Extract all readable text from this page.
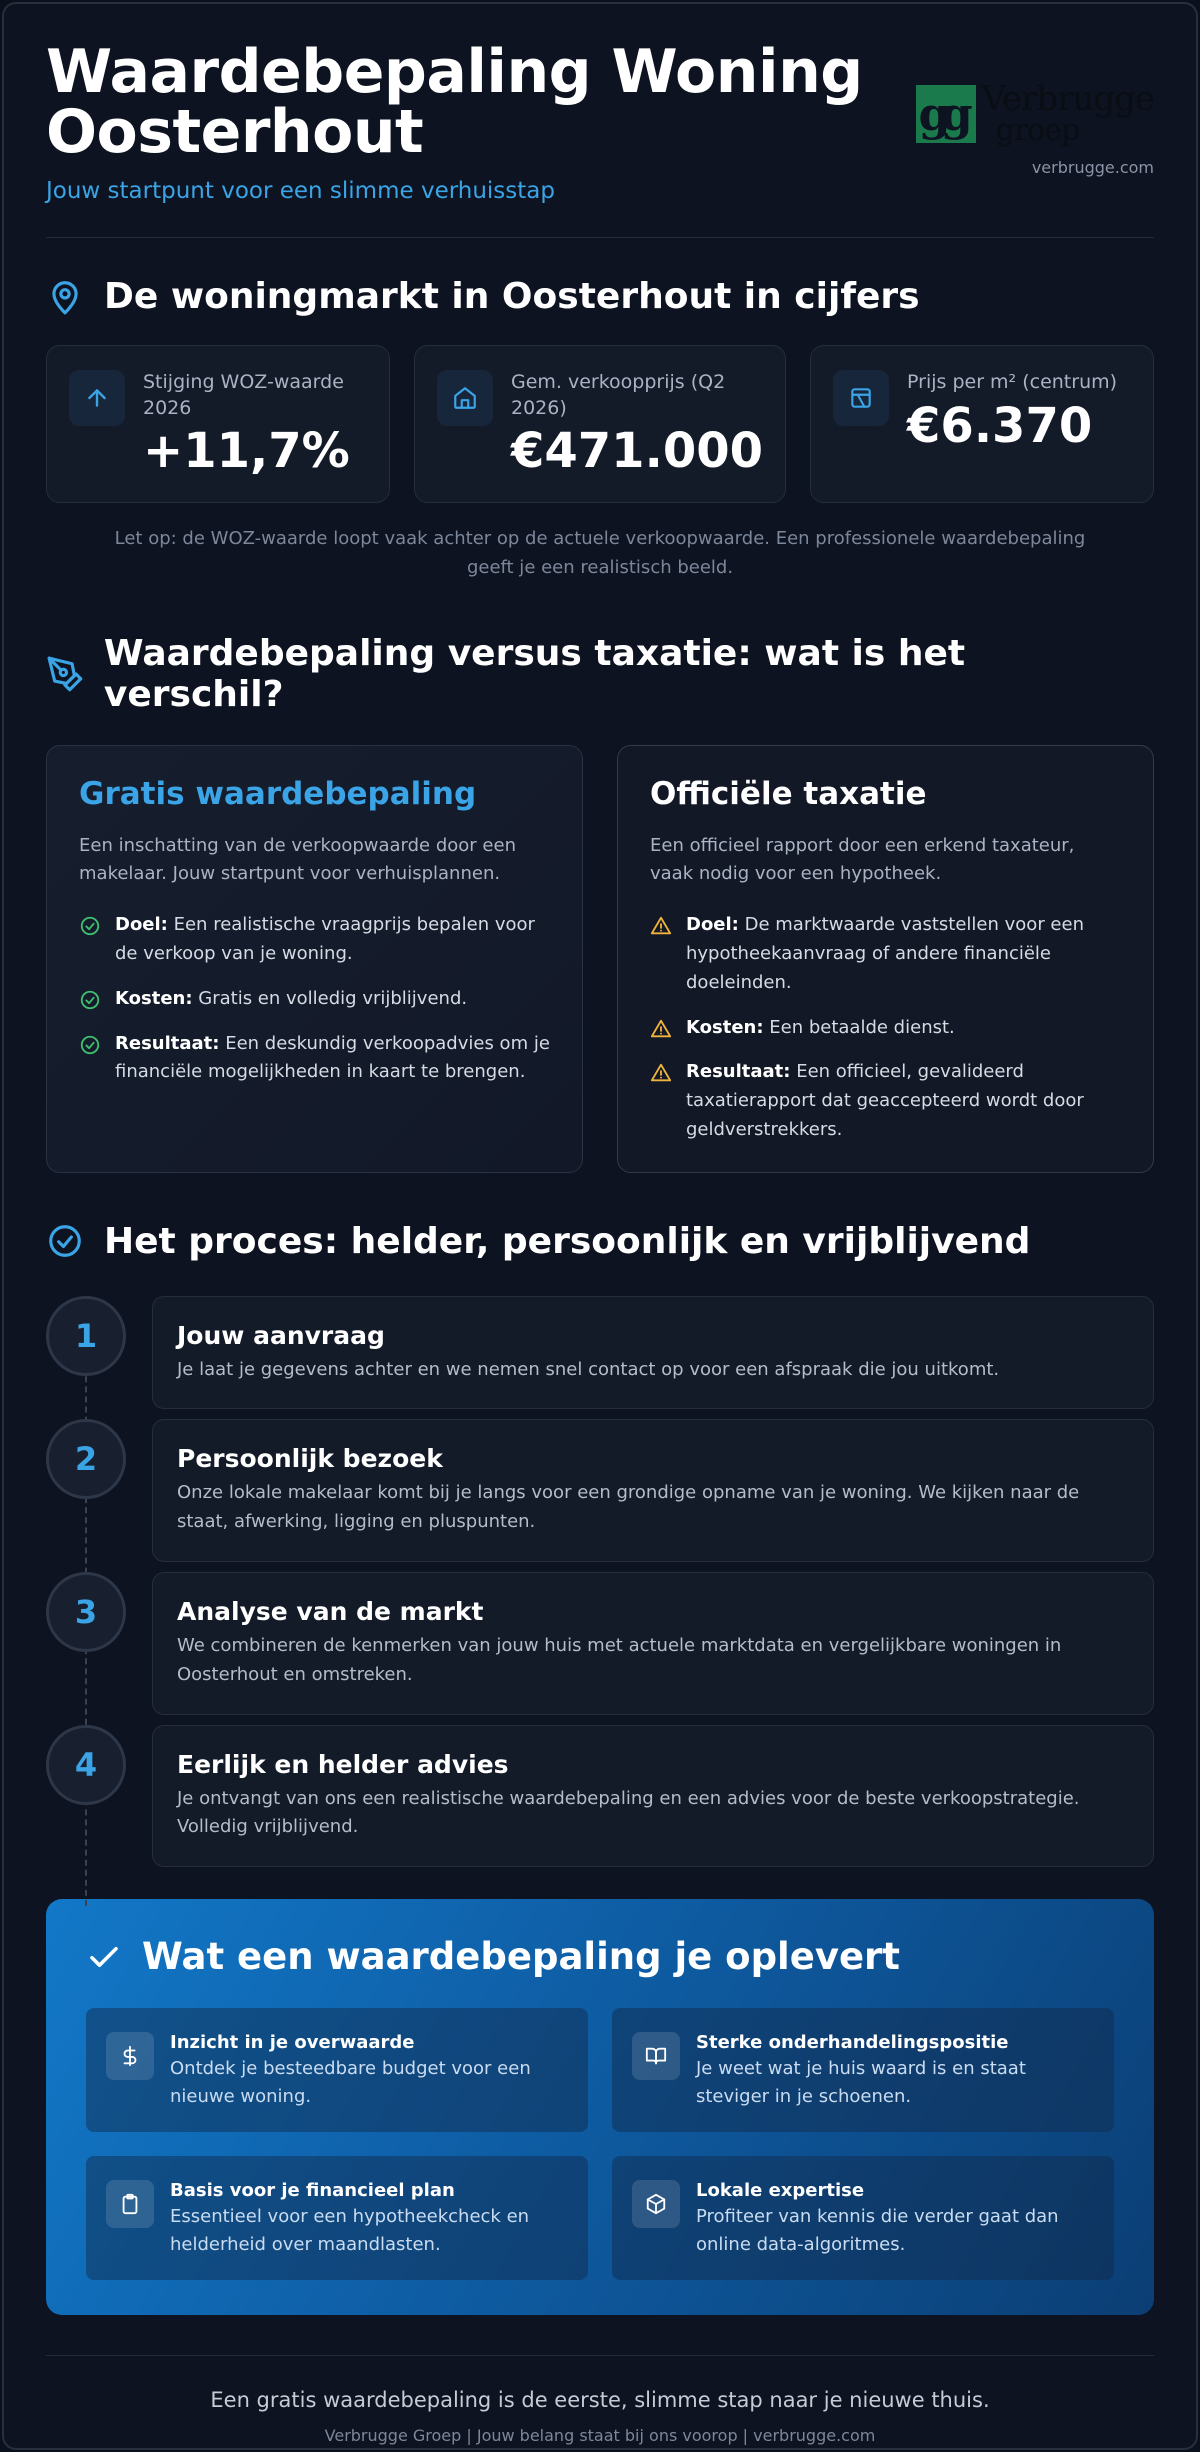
Waardebepaling Woning Oosterhout
Jouw startpunt voor een slimme verhuisstap
gg Verbrugge
groep
verbrugge.com
De woningmarkt in Oosterhout in cijfers
Stijging WOZ-waarde 2026
+11,7%
Gem. verkoopprijs (Q2 2026)
€471.000
Prijs per m² (centrum)
€6.370

Let op: de WOZ-waarde loopt vaak achter op de actuele verkoopwaarde. Een professionele waardebepaling geeft je een realistisch beeld.

Waardebepaling versus taxatie: wat is het verschil?
Gratis waardebepaling

Een inschatting van de verkoopwaarde door een makelaar. Jouw startpunt voor verhuisplannen.

Doel: Een realistische vraagprijs bepalen voor de verkoop van je woning.
Kosten: Gratis en volledig vrijblijvend.
Resultaat: Een deskundig verkoopadvies om je financiële mogelijkheden in kaart te brengen.
Officiële taxatie

Een officieel rapport door een erkend taxateur, vaak nodig voor een hypotheek.

Doel: De marktwaarde vaststellen voor een hypotheekaanvraag of andere financiële doeleinden.
Kosten: Een betaalde dienst.
Resultaat: Een officieel, gevalideerd taxatierapport dat geaccepteerd wordt door geldverstrekkers.
Het proces: helder, persoonlijk en vrijblijvend
1	Jouw aanvraag

Je laat je gegevens achter en we nemen snel contact op voor een afspraak die jou uitkomt.

2	Persoonlijk bezoek

Onze lokale makelaar komt bij je langs voor een grondige opname van je woning. We kijken naar de staat, afwerking, ligging en pluspunten.

3	Analyse van de markt

We combineren de kenmerken van jouw huis met actuele marktdata en vergelijkbare woningen in Oosterhout en omstreken.

4	Eerlijk en helder advies

Je ontvangt van ons een realistische waardebepaling en een advies voor de beste verkoopstrategie. Volledig vrijblijvend.

Wat een waardebepaling je oplevert
Inzicht in je overwaarde

Ontdek je besteedbare budget voor een nieuwe woning.

Sterke onderhandelingspositie

Je weet wat je huis waard is en staat steviger in je schoenen.

Basis voor je financieel plan

Essentieel voor een hypotheekcheck en helderheid over maandlasten.

Lokale expertise

Profiteer van kennis die verder gaat dan online data-algoritmes.

Een gratis waardebepaling is de eerste, slimme stap naar je nieuwe thuis.
Verbrugge Groep | Jouw belang staat bij ons voorop | verbrugge.com
